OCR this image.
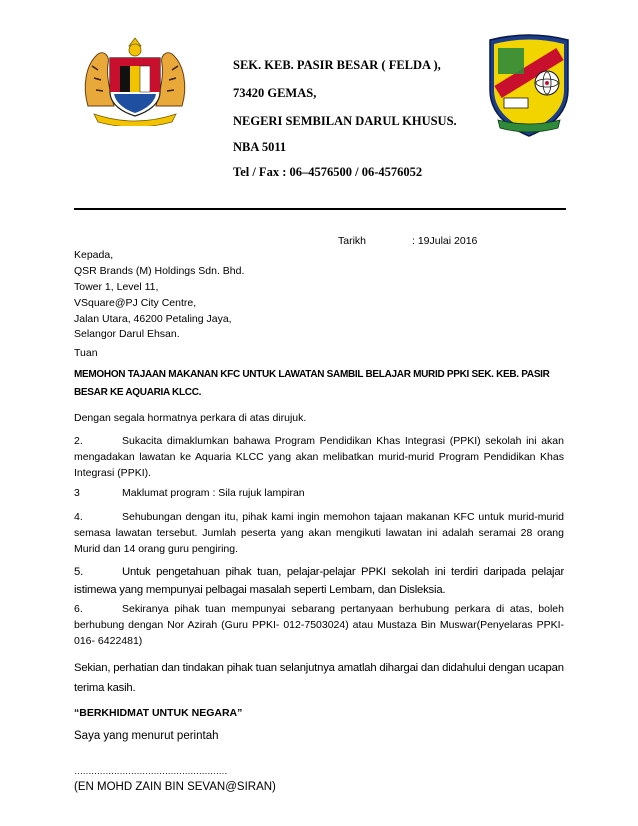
SEK. KEB. PASIR BESAR ( FELDA ),
73420 GEMAS,
NEGERI SEMBILAN DARUL KHUSUS.
NBA 5011
Tel / Fax : 06–4576500 / 06-4576052
Tarikh	: 19Julai 2016
Kepada,
QSR Brands (M) Holdings Sdn. Bhd.
Tower 1, Level 11,
VSquare@PJ City Centre,
Jalan Utara, 46200 Petaling Jaya,
Selangor Darul Ehsan.
Tuan
MEMOHON TAJAAN MAKANAN KFC UNTUK LAWATAN SAMBIL BELAJAR MURID PPKI SEK. KEB. PASIR
BESAR KE AQUARIA KLCC.
Dengan segala hormatnya perkara di atas dirujuk.
2.	Sukacita dimaklumkan bahawa Program Pendidikan Khas Integrasi (PPKI) sekolah ini akan mengadakan lawatan ke Aquaria KLCC yang akan melibatkan murid-murid Program Pendidikan Khas Integrasi (PPKI).
3	Maklumat program : Sila rujuk lampiran
4.	Sehubungan dengan itu, pihak kami ingin memohon tajaan makanan KFC untuk murid-murid semasa lawatan tersebut. Jumlah peserta yang akan mengikuti lawatan ini adalah seramai 28 orang Murid dan 14 orang guru pengiring.
5.	Untuk pengetahuan pihak tuan, pelajar-pelajar PPKI sekolah ini terdiri daripada pelajar istimewa yang mempunyai pelbagai masalah seperti Lembam, dan Disleksia.
6.	Sekiranya pihak tuan mempunyai sebarang pertanyaan berhubung perkara di atas, boleh berhubung dengan Nor Azirah (Guru PPKI- 012-7503024) atau Mustaza Bin Muswar(Penyelaras PPKI- 016- 6422481)
Sekian, perhatian dan tindakan pihak tuan selanjutnya amatlah dihargai dan didahului dengan ucapan terima kasih.
“BERKHIDMAT UNTUK NEGARA”
Saya yang menurut perintah
………………………………………………
(EN MOHD ZAIN BIN SEVAN@SIRAN)
